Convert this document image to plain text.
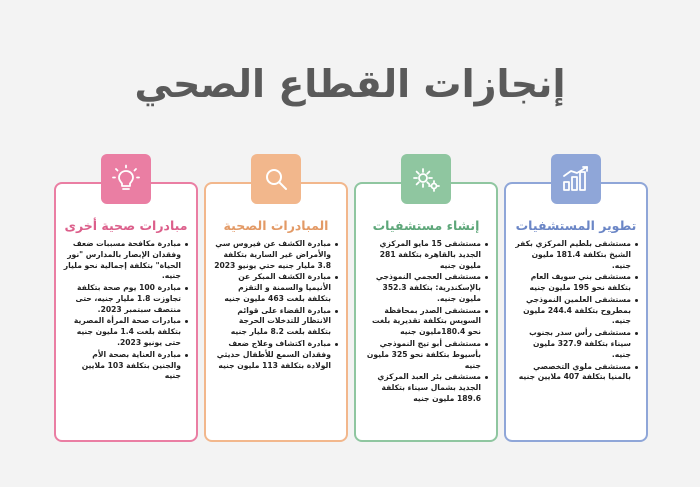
إنجازات القطاع الصحي
تطوير المستشفيات
مستشفى بلطيم المركزي بكفر الشيخ بتكلفة 181.4 مليون جنيه.
مستشفى بني سويف العام بتكلفة نحو 195 مليون جنيه
مستشفى العلمين النموذجي بمطروح بتكلفة 244.4 مليون جنيه.
مستشفى رأس سدر بجنوب سيناء بتكلفة 327.9 مليون جنيه.
مستشفى ملوي التخصصي بالمنيا بتكلفة 407 ملايين جنيه
إنشاء مستشفيات
مستشفى 15 مايو المركزي الجديد بالقاهرة بتكلفة 281 مليون جنيه
مستشفى العجمي النموذجي بالإسكندرية: بتكلفة 352.3 مليون جنيه.
مستشفى الصدر بمحافظة السويس بتكلفة تقديرية بلغت نحو 180.4مليون جنيه
مستشفى أبو تيج النموذجي بأسيوط بتكلفة نحو 325 مليون جنيه
مستشفى بئر العبد المركزي الجديد بشمال سيناء بتكلفة 189.6 مليون جنيه
المبادرات الصحية
مبادرة الكشف عن فيروس سي والأمراض غير السارية بتكلفة 3.8 مليار جنيه حتي يونيو 2023
مبادرة الكشف المبكر عن الأنيميا والسمنة و التقزم بتكلفة بلغت 463 مليون جنيه
مبادرة القضاء على قوائم الانتظار للتدخلات الحرجة بتكلفة بلغت 8.2 مليار جنيه
مبادرة اكتشاف وعلاج ضعف وفقدان السمع للأطفال حديثي الولادة بتكلفة 113 مليون جنيه
مبادرات صحية أخرى
مبادرة مكافحة مسببات ضعف وفقدان الإبصار بالمدارس "نور الحياة" بتكلفة إجمالية نحو مليار جنيه.
مبادرة 100 يوم صحة بتكلفة تجاوزت 1.8 مليار جنيه، حتى منتصف سبتمبر 2023.
مبادرات صحة المرأة المصرية بتكلفة بلغت 1.4 مليون جنيه حتى يونيو 2023.
مبادرة العناية بصحة الأم والجنين بتكلفة 103 ملايين جنيه
